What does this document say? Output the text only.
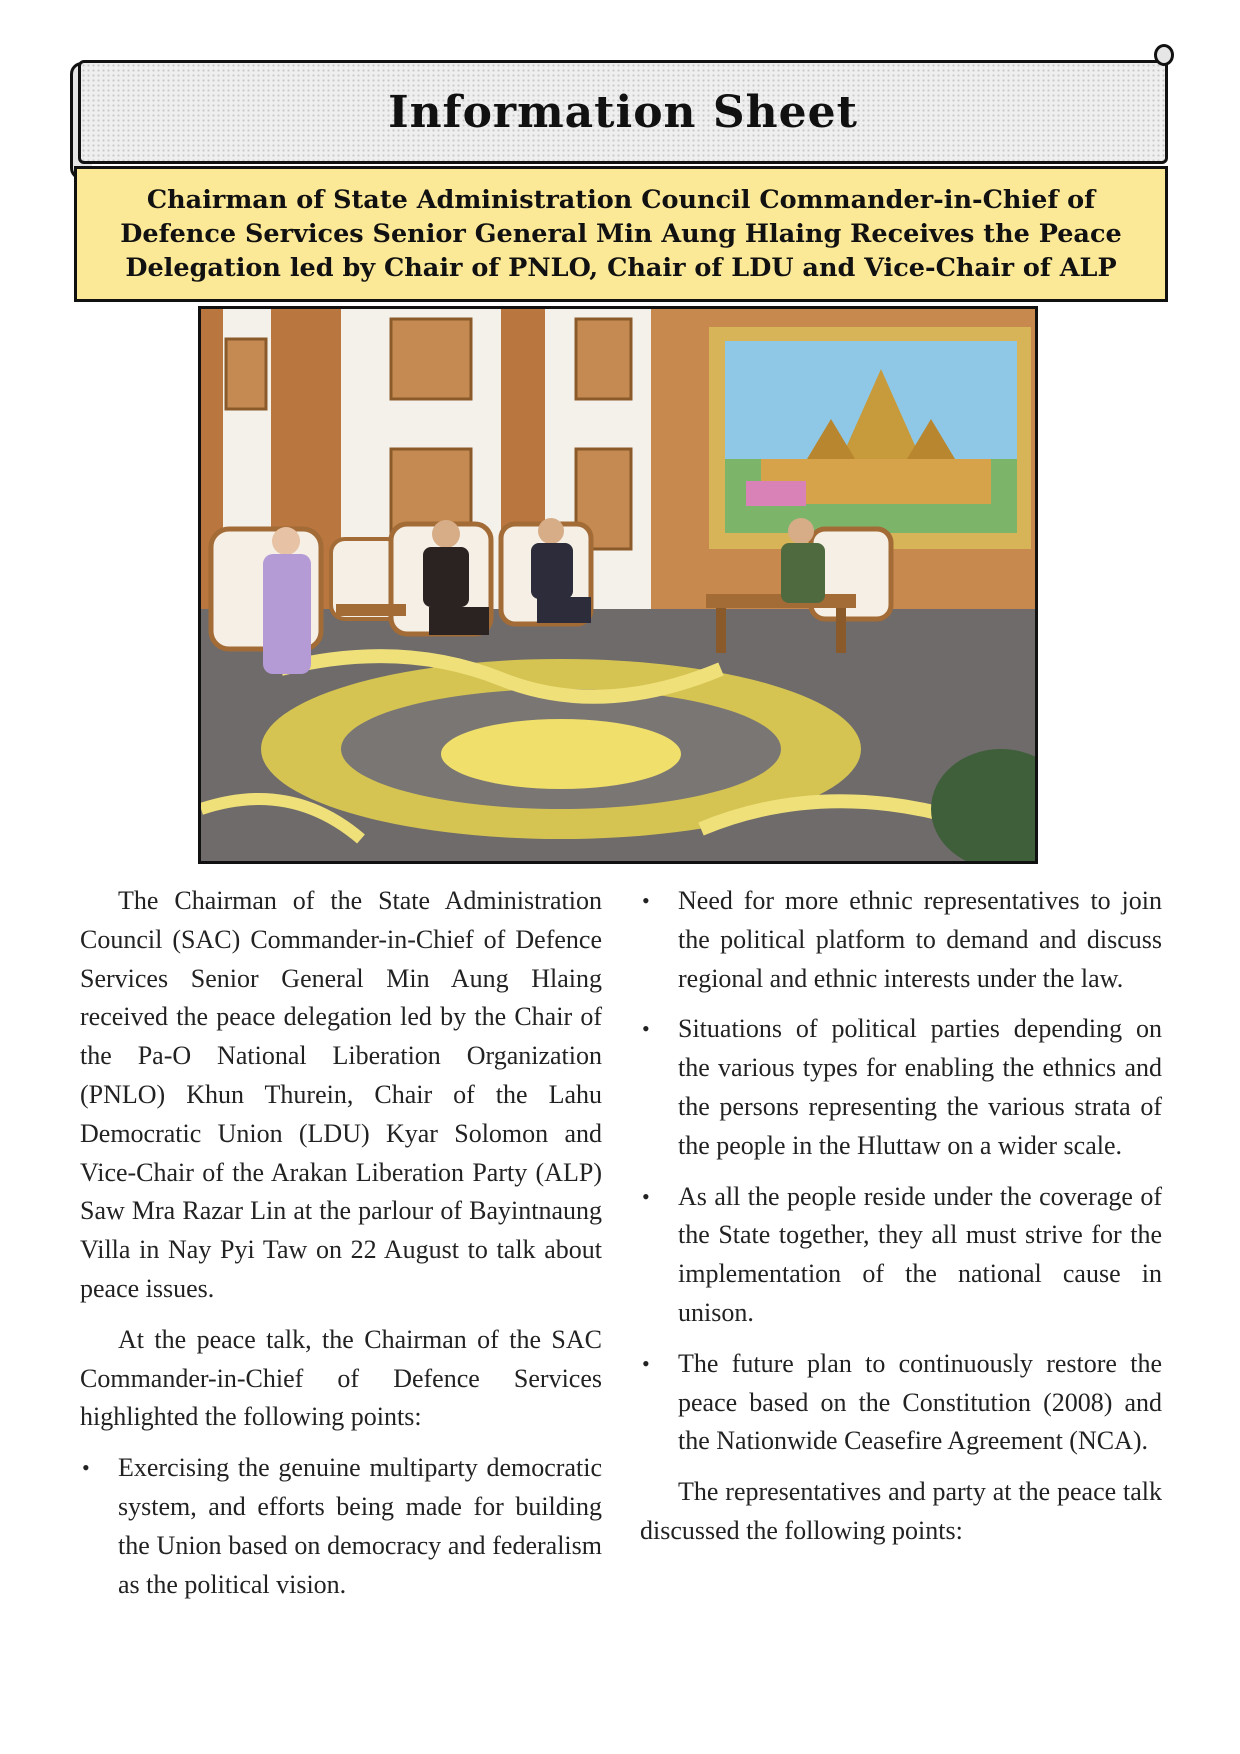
Information Sheet
Chairman of State Administration Council Commander-in-Chief of Defence Services Senior General Min Aung Hlaing Receives the Peace Delegation led by Chair of PNLO, Chair of LDU and Vice-Chair of ALP

The Chairman of the State Administration Council (SAC) Commander-in-Chief of Defence Services Senior General Min Aung Hlaing received the peace delegation led by the Chair of the Pa-O National Liberation Organization (PNLO) Khun Thurein, Chair of the Lahu Democratic Union (LDU) Kyar Solomon and Vice-Chair of the Arakan Liberation Party (ALP) Saw Mra Razar Lin at the parlour of Bayintnaung Villa in Nay Pyi Taw on 22 August to talk about peace issues.

At the peace talk, the Chairman of the SAC Commander-in-Chief of Defence Services highlighted the following points:

• Exercising the genuine multiparty democratic system, and efforts being made for building the Union based on democracy and federalism as the political vision.
• Need for more ethnic representatives to join the political platform to demand and discuss regional and ethnic interests under the law.
• Situations of political parties depending on the various types for enabling the ethnics and the persons representing the various strata of the people in the Hluttaw on a wider scale.
• As all the people reside under the coverage of the State together, they all must strive for the implementation of the national cause in unison.
• The future plan to continuously restore the peace based on the Constitution (2008) and the Nationwide Ceasefire Agreement (NCA).

The representatives and party at the peace talk discussed the following points:
